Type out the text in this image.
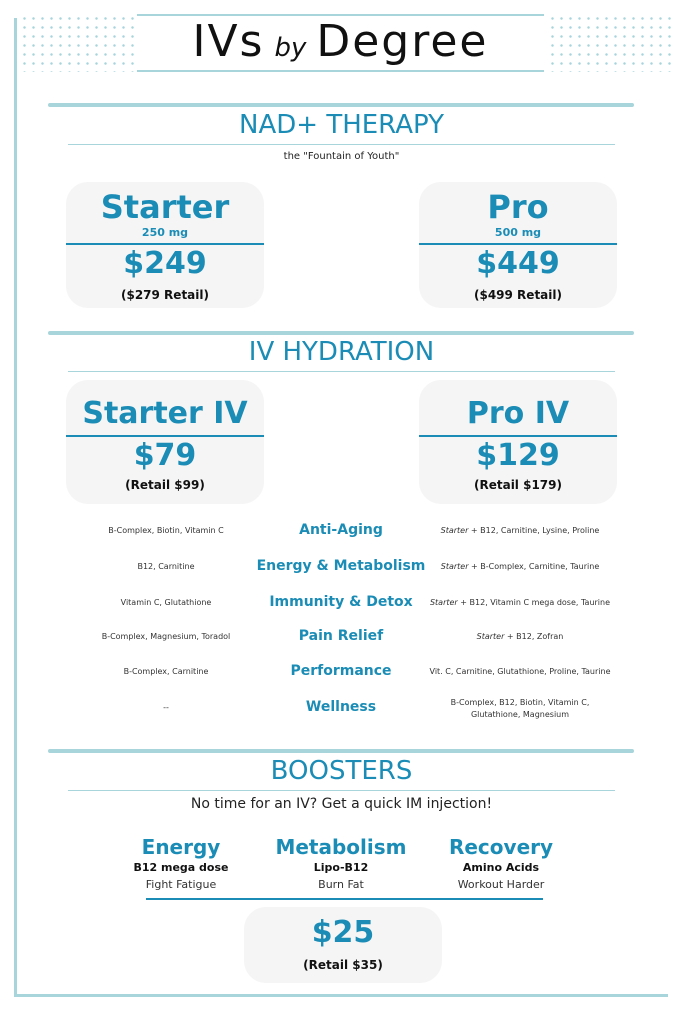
IVs by Degree
NAD+ THERAPY
the "Fountain of Youth"
Starter
250 mg
$249
($279 Retail)
Pro
500 mg
$449
($499 Retail)
IV HYDRATION
Starter IV
$79
(Retail $99)
Pro IV
$129
(Retail $179)
B-Complex, Biotin, Vitamin C	Anti-Aging	Starter + B12, Carnitine, Lysine, Proline
B12, Carnitine	Energy & Metabolism	Starter + B-Complex, Carnitine, Taurine
Vitamin C, Glutathione	Immunity & Detox	Starter + B12, Vitamin C mega dose, Taurine
B-Complex, Magnesium, Toradol	Pain Relief	Starter + B12, Zofran
B-Complex, Carnitine	Performance	Vit. C, Carnitine, Glutathione, Proline, Taurine
--	Wellness	B-Complex, B12, Biotin, Vitamin C, Glutathione, Magnesium
BOOSTERS
No time for an IV? Get a quick IM injection!
Energy
B12 mega dose
Fight Fatigue
Metabolism
Lipo-B12
Burn Fat
Recovery
Amino Acids
Workout Harder
$25
(Retail $35)
